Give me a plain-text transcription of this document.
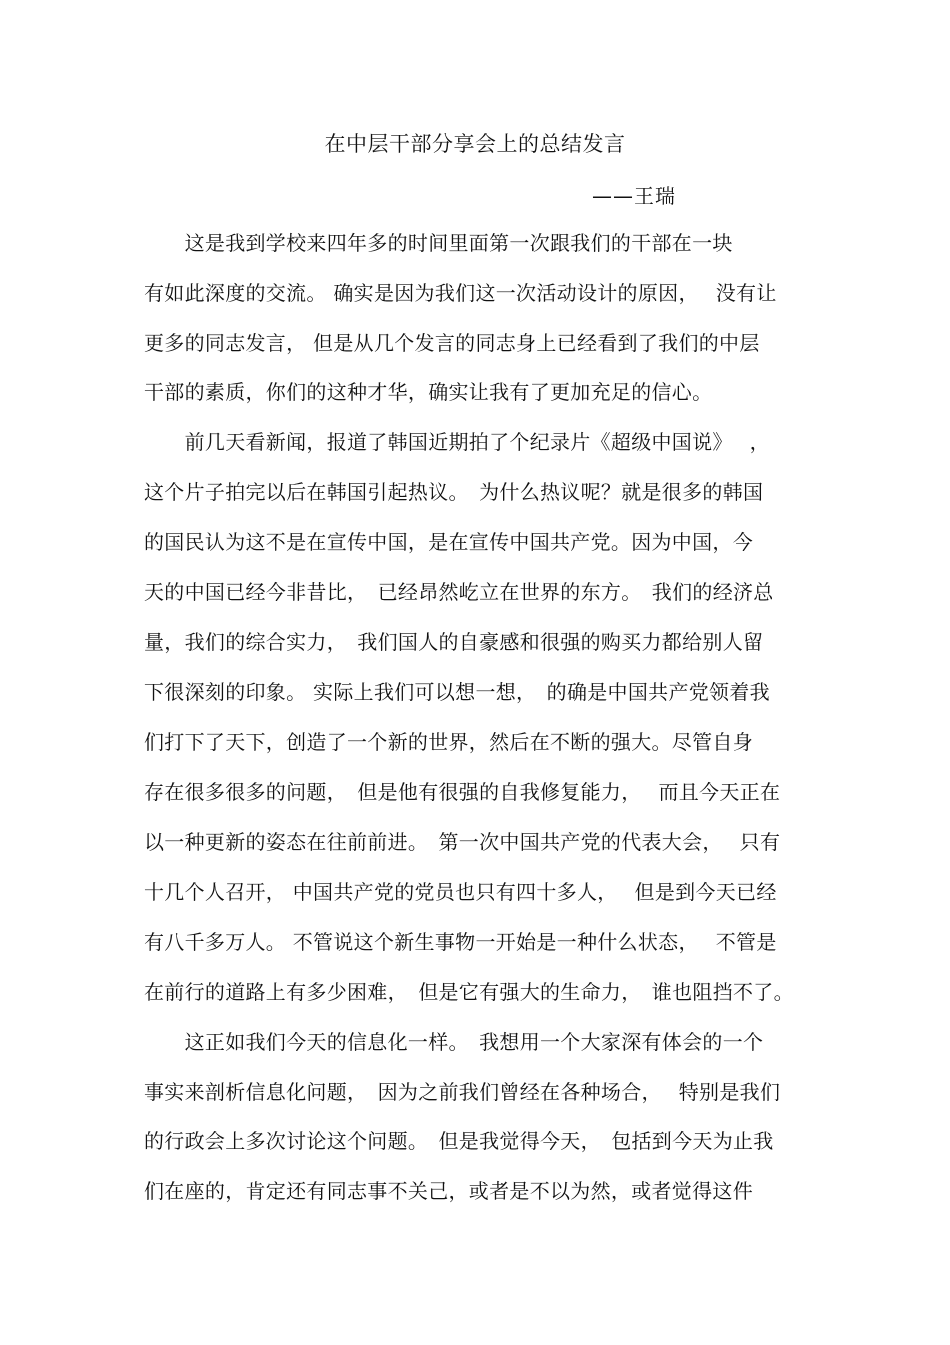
在中层干部分享会上的总结发言
——王瑞
　　这是我到学校来四年多的时间里面第一次跟我们的干部在一块
有如此深度的交流。 确实是因为我们这一次活动设计的原因，　 没有让
更多的同志发言， 但是从几个发言的同志身上已经看到了我们的中层
干部的素质，你们的这种才华，确实让我有了更加充足的信心。
　　前几天看新闻，报道了韩国近期拍了个纪录片《超级中国说》　 ，
这个片子拍完以后在韩国引起热议。　为什么热议呢？就是很多的韩国
的国民认为这不是在宣传中国，是在宣传中国共产党。因为中国，今
天的中国已经今非昔比，　已经昂然屹立在世界的东方。　我们的经济总
量，我们的综合实力，　我们国人的自豪感和很强的购买力都给别人留
下很深刻的印象。 实际上我们可以想一想，　的确是中国共产党领着我
们打下了天下，创造了一个新的世界，然后在不断的强大。尽管自身
存在很多很多的问题，　但是他有很强的自我修复能力，　 而且今天正在
以一种更新的姿态在往前前进。　第一次中国共产党的代表大会，　 只有
十几个人召开， 中国共产党的党员也只有四十多人，　 但是到今天已经
有八千多万人。 不管说这个新生事物一开始是一种什么状态，　 不管是
在前行的道路上有多少困难，　但是它有强大的生命力，　谁也阻挡不了。
　　这正如我们今天的信息化一样。　我想用一个大家深有体会的一个
事实来剖析信息化问题，　因为之前我们曾经在各种场合，　 特别是我们
的行政会上多次讨论这个问题。　但是我觉得今天，　包括到今天为止我
们在座的，肯定还有同志事不关己，或者是不以为然，或者觉得这件
